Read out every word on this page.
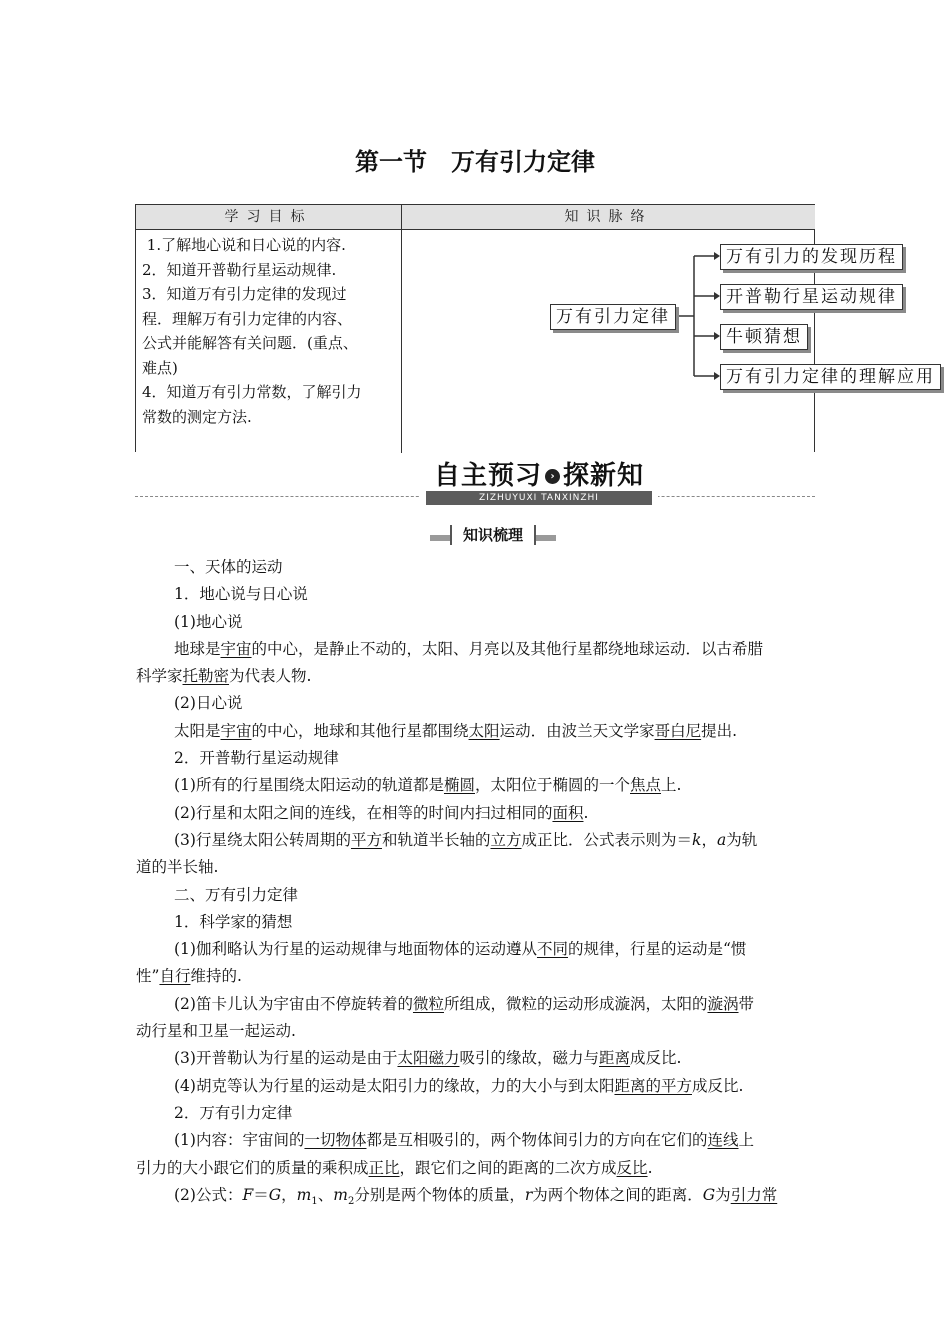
第一节 万有引力定律
学习目标	知识脉络
1.了解地心说和日心说的内容.
2．知道开普勒行星运动规律.
3．知道万有引力定律的发现过
程．理解万有引力定律的内容、
公式并能解答有关问题．(重点、
难点)
4．知道万有引力常数，了解引力
常数的测定方法.
万有引力定律
万有引力的发现历程
开普勒行星运动规律
牛顿猜想
万有引力定律的理解应用
自主预习 › 探新知
ZIZHUYUXI TANXINZHI
知识梳理
一、天体的运动
1．地心说与日心说
(1)地心说
地球是宇宙的中心，是静止不动的，太阳、月亮以及其他行星都绕地球运动．以古希腊
科学家托勒密为代表人物.
(2)日心说
太阳是宇宙的中心，地球和其他行星都围绕太阳运动．由波兰天文学家哥白尼提出.
2．开普勒行星运动规律
(1)所有的行星围绕太阳运动的轨道都是椭圆，太阳位于椭圆的一个焦点上.
(2)行星和太阳之间的连线，在相等的时间内扫过相同的面积.
(3)行星绕太阳公转周期的平方和轨道半长轴的立方成正比．公式表示则为＝k，a为轨
道的半长轴.
二、万有引力定律
1．科学家的猜想
(1)伽利略认为行星的运动规律与地面物体的运动遵从不同的规律，行星的运动是“惯
性”自行维持的.
(2)笛卡儿认为宇宙由不停旋转着的微粒所组成，微粒的运动形成漩涡，太阳的漩涡带
动行星和卫星一起运动.
(3)开普勒认为行星的运动是由于太阳磁力吸引的缘故，磁力与距离成反比.
(4)胡克等认为行星的运动是太阳引力的缘故，力的大小与到太阳距离的平方成反比.
2．万有引力定律
(1)内容：宇宙间的一切物体都是互相吸引的，两个物体间引力的方向在它们的连线上
引力的大小跟它们的质量的乘积成正比，跟它们之间的距离的二次方成反比.
(2)公式：F＝G，$m_1$、$m_2$分别是两个物体的质量，r为两个物体之间的距离．G为引力常
